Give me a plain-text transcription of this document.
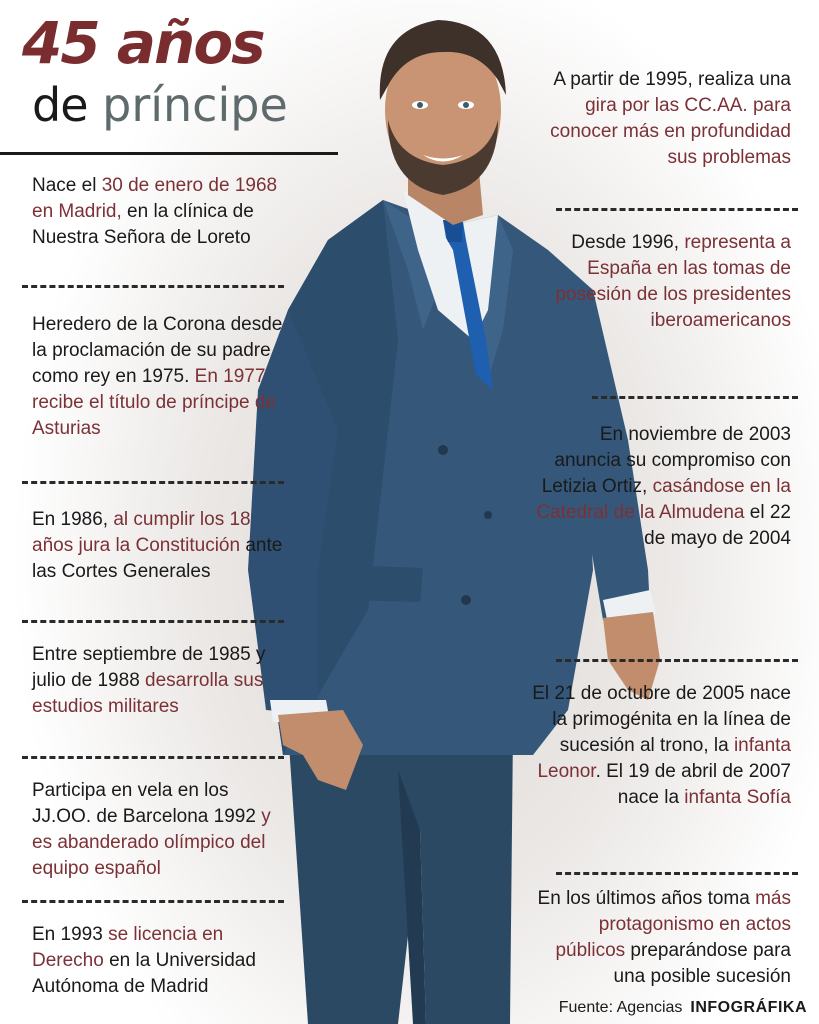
45 años
de príncipe

Nace el 30 de enero de 1968 en Madrid, en la clínica de Nuestra Señora de Loreto

Heredero de la Corona desde la proclamación de su padre como rey en 1975. En 1977 recibe el título de príncipe de Asturias

En 1986, al cumplir los 18 años jura la Constitución ante las Cortes Generales

Entre septiembre de 1985 y julio de 1988 desarrolla sus estudios militares

Participa en vela en los JJ.OO. de Barcelona 1992 y es abanderado olímpico del equipo español

En 1993 se licencia en Derecho en la Universidad Autónoma de Madrid

A partir de 1995, realiza una gira por las CC.AA. para conocer más en profundidad sus problemas

Desde 1996, representa a España en las tomas de posesión de los presidentes iberoamericanos

En noviembre de 2003 anuncia su compromiso con Letizia Ortiz, casándose en la Catedral de la Almudena el 22 de mayo de 2004

El 21 de octubre de 2005 nace la primogénita en la línea de sucesión al trono, la infanta Leonor. El 19 de abril de 2007 nace la infanta Sofía

En los últimos años toma más protagonismo en actos públicos preparándose para una posible sucesión

Fuente: Agencias INFOGRÁFIKA
